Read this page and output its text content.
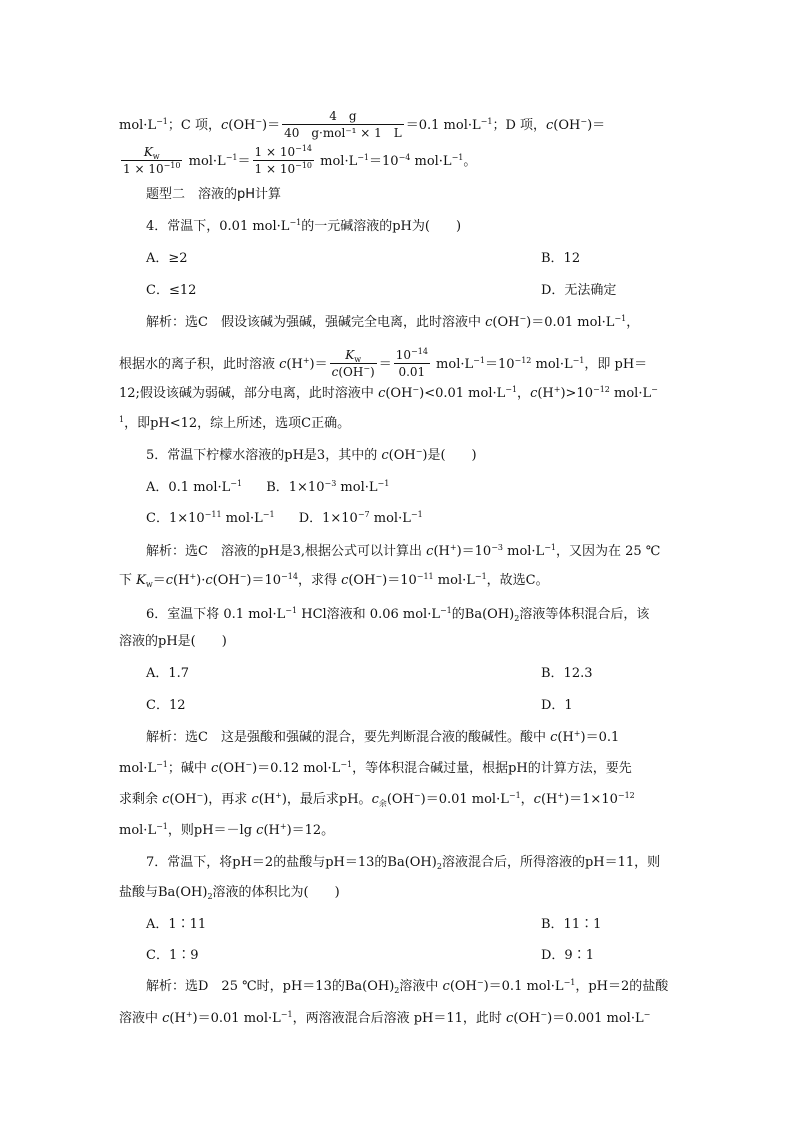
$mol\cdot L^{-1}$；C 项，$c(OH^-)= \frac{4 g}{\text{40　g·mol⁻¹ × 1　L}} =0.1$ $mol\cdot L^{-1}$；D 项，c(OH−)＝
$\frac{K_w}{1 \times 10^{-10}} mol\cdot L^{-1}= \frac{1 \times 10^{-14}}{1 \times 10^{-10}} mol\cdot L^{-1}=10^{-4}$ $mol\cdot L^{-1}$。
题型二　溶液的pH计算
4．常温下，0.01 $mol\cdot L^{-1}$的一元碱溶液的pH为(　　)
A．≥2	B．12
C．≤12	D．无法确定
解析：选C　假设该碱为强碱，强碱完全电离，此时溶液中 c(OH−)＝0.01 $mol\cdot L^{-1}$，
根据水的离子积，此时溶液 $c(H^+)= \frac{K_w}{c(OH^-)} = \frac{10^{-14}}{0.01} mol\cdot L^{-1}=10^{-12}$ $mol\cdot L^{-1}$，即 pH＝
12;假设该碱为弱碱，部分电离，此时溶液中 c(OH−)<0.01 $mol\cdot L^{-1}$，$c(H^+)>10^{-12}$ mol·L−
$^1$，即pH<12，综上所述，选项C正确。
5．常温下柠檬水溶液的pH是3，其中的 c(OH−)是(　　)
A．0.1 $mol\cdot L^{-1}$ B．$1\times 10^{-3}$ $mol\cdot L^{-1}$
C．$1\times 10^{-11}$ $mol\cdot L^{-1}$ D．$1\times 10^{-7}$ $mol\cdot L^{-1}$
解析：选C　溶液的pH是3,根据公式可以计算出 $c(H^+)=10^{-3}$ $mol\cdot L^{-1}$，又因为在 25 ℃
下 $K_w=c(H^+)\cdot c(OH^-)=10^{-14}$，求得 $c(OH^-)=10^{-11}$ $mol\cdot L^{-1}$，故选C。
6．室温下将 0.1 $mol\cdot L^{-1}$ HCl溶液和 0.06 $mol\cdot L^{-1}$的$Ba(OH)_2$溶液等体积混合后，该
溶液的pH是(　　)
A．1.7	B．12.3
C．12	D．1
解析：选C　这是强酸和强碱的混合，要先判断混合液的酸碱性。酸中 c(H+)＝0.1
$mol\cdot L^{-1}$；碱中 c(OH−)＝0.12 $mol\cdot L^{-1}$，等体积混合碱过量，根据pH的计算方法，要先
求剩余 c(OH−)，再求 c(H+)，最后求pH。$c_余(OH^-)=0.01$ $mol\cdot L^{-1}$，$c(H^+)=1\times 10^{-12}$
$mol\cdot L^{-1}$，则pH＝－lg c(H+)＝12。
7．常温下，将pH＝2的盐酸与pH＝13的$Ba(OH)_2$溶液混合后，所得溶液的pH＝11，则
盐酸与$Ba(OH)_2$溶液的体积比为(　　)
A．1∶11	B．11∶1
C．1∶9	D．9∶1
解析：选D　25 ℃时，pH＝13的$Ba(OH)_2$溶液中 c(OH−)＝0.1 $mol\cdot L^{-1}$，pH＝2的盐酸
溶液中 c(H+)＝0.01 $mol\cdot L^{-1}$，两溶液混合后溶液 pH＝11，此时 c(OH−)＝0.001 mol·L−
